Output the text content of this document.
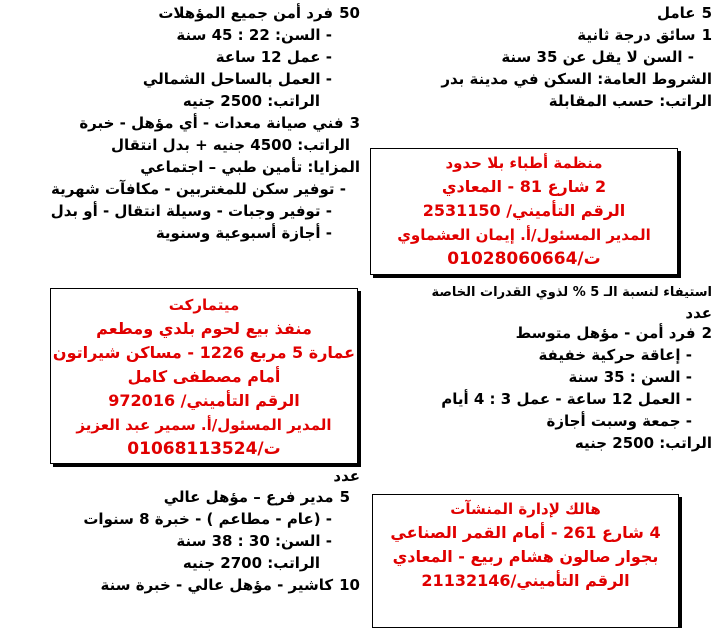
5عامل
1سائق درجة ثانية
- السن لا يقل عن 35 سنة
الشروط العامة: السكن في مدينة بدر
الراتب: حسب المقابلة
استيفاء لنسبة الـ 5 % لذوي القدرات الخاصة
عدد
2فرد أمن - مؤهل متوسط
- إعاقة حركية خفيفة
- السن : 35 سنة
- العمل 12 ساعة - عمل 3 : 4 أيام
- جمعة وسبت أجازة
الراتب: 2500 جنيه
50فرد أمن جميع المؤهلات
- السن: 22 : 45 سنة
- عمل 12 ساعة
- العمل بالساحل الشمالي
الراتب: 2500 جنيه
3فني صيانة معدات - أي مؤهل - خبرة
الراتب: 4500 جنيه + بدل انتقال
المزايا: تأمين طبي – اجتماعي
- توفير سكن للمغتربين - مكافآت شهرية
- توفير وجبات - وسيلة انتقال - أو بدل
- أجازة أسبوعية وسنوية
عدد
5مدير فرع – مؤهل عالي
- (عام - مطاعم ) - خبرة 8 سنوات
- السن: 30 : 38 سنة
الراتب: 2700 جنيه
10كاشير - مؤهل عالي - خبرة سنة
منظمة أطباء بلا حدود
2 شارع 81 - المعادي
الرقم التأميني/ 2531150
المدير المسئول/أ. إيمان العشماوي
ت/01028060664
ميتماركت
منفذ بيع لحوم بلدي ومطعم
عمارة 5 مربع 1226 - مساكن شيراتون
أمام مصطفى كامل
الرقم التأميني/ 972016
المدير المسئول/أ. سمير عبد العزيز
ت/01068113524
هالك لإدارة المنشآت
4 شارع 261 - أمام القمر الصناعي
بجوار صالون هشام ربيع - المعادي
الرقم التأميني/21132146
